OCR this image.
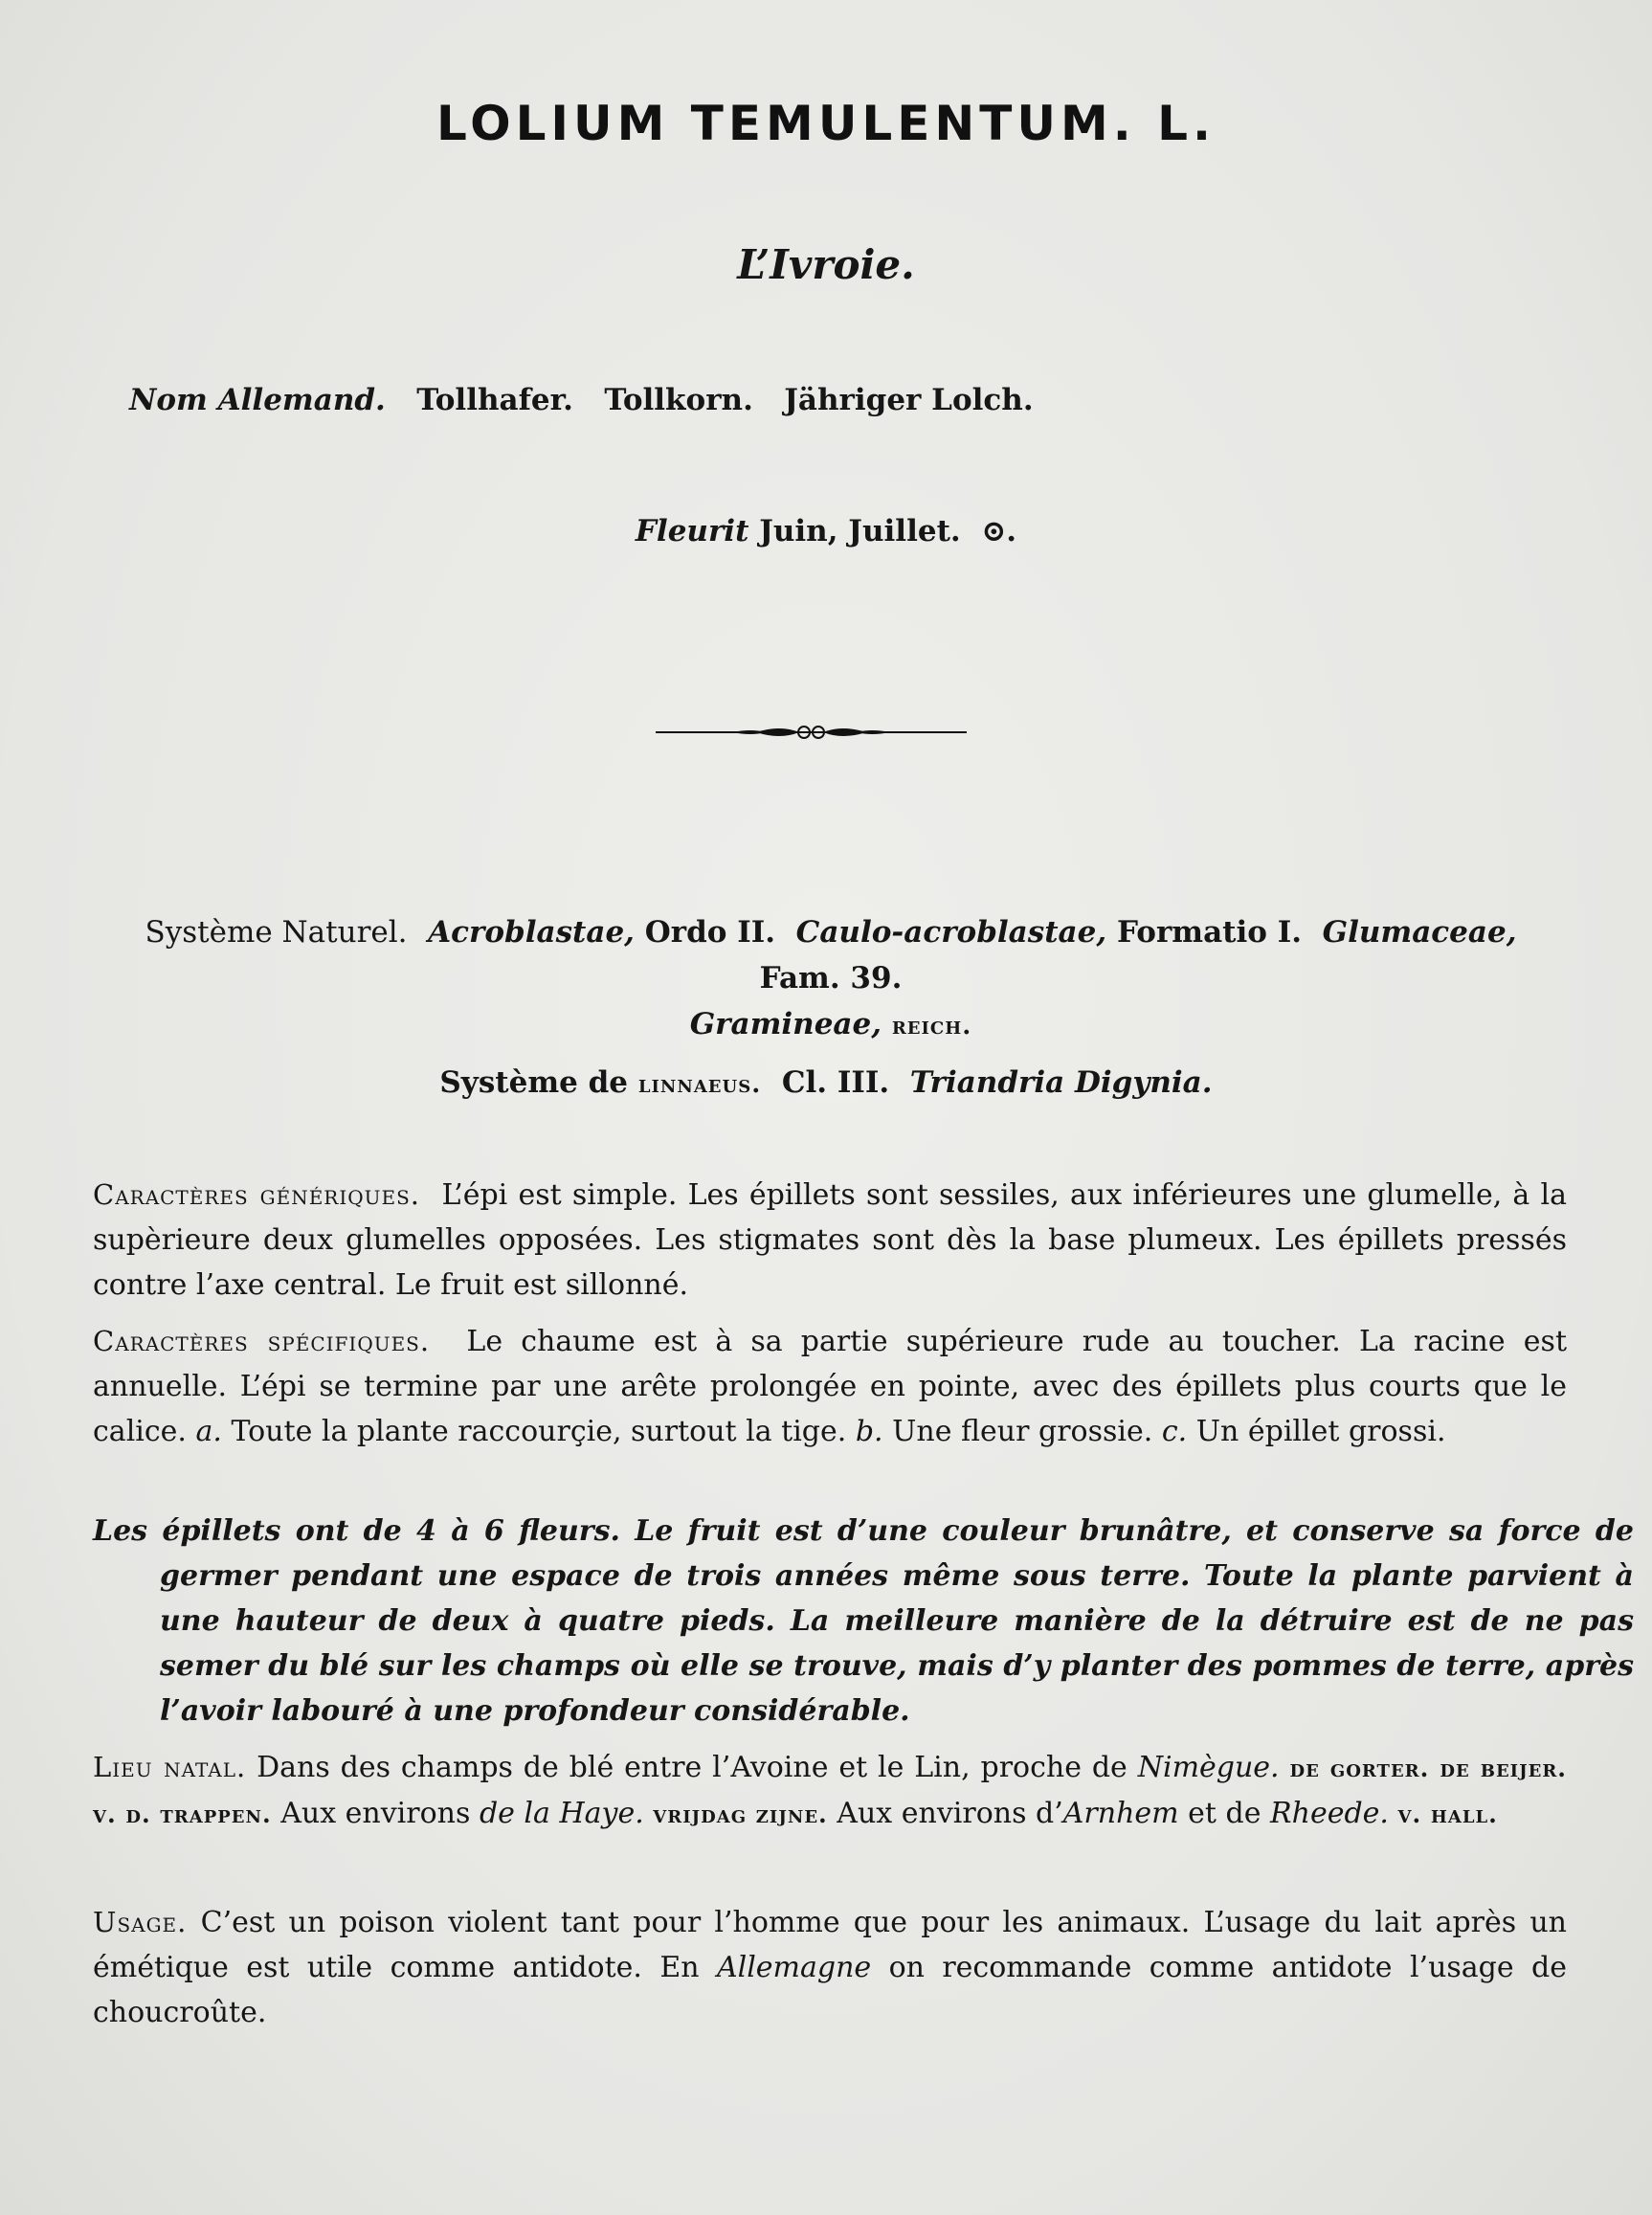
LOLIUM TEMULENTUM. L.
L’Ivroie.
Nom Allemand. Tollhafer.   Tollkorn.   Jähriger Lolch.
Fleurit Juin, Juillet. ⊙.
Système Naturel. Acroblastae, Ordo II. Caulo-acroblastae, Formatio I. Glumaceae, Fam. 39.
Gramineae, reich.
Système de linnaeus. Cl. III. Triandria Digynia.
Caractères génériques. L’épi est simple. Les épillets sont sessiles, aux inférieures une glumelle, à la supèrieure deux glumelles opposées. Les stigmates sont dès la base plumeux. Les épillets pressés contre l’axe central. Le fruit est sillonné.
Caractères spécifiques. Le chaume est à sa partie supérieure rude au toucher. La racine est annuelle. L’épi se termine par une arête prolongée en pointe, avec des épillets plus courts que le calice. a. Toute la plante raccourçie, surtout la tige. b. Une fleur grossie. c. Un épillet grossi.
Les épillets ont de 4 à 6 fleurs. Le fruit est d’une couleur brunâtre, et conserve sa force de germer pendant une espace de trois années même sous terre. Toute la plante parvient à une hauteur de deux à quatre pieds. La meilleure manière de la détruire est de ne pas semer du blé sur les champs où elle se trouve, mais d’y planter des pommes de terre, après l’avoir labouré à une profondeur considérable.
Lieu natal. Dans des champs de blé entre l’Avoine et le Lin, proche de Nimègue. de gorter. de beijer. v. d. trappen. Aux environs de la Haye. vrijdag zijne. Aux environs d’Arnhem et de Rheede. v. hall.
Usage. C’est un poison violent tant pour l’homme que pour les animaux. L’usage du lait après un émétique est utile comme antidote. En Allemagne on recommande comme antidote l’usage de choucroûte.
